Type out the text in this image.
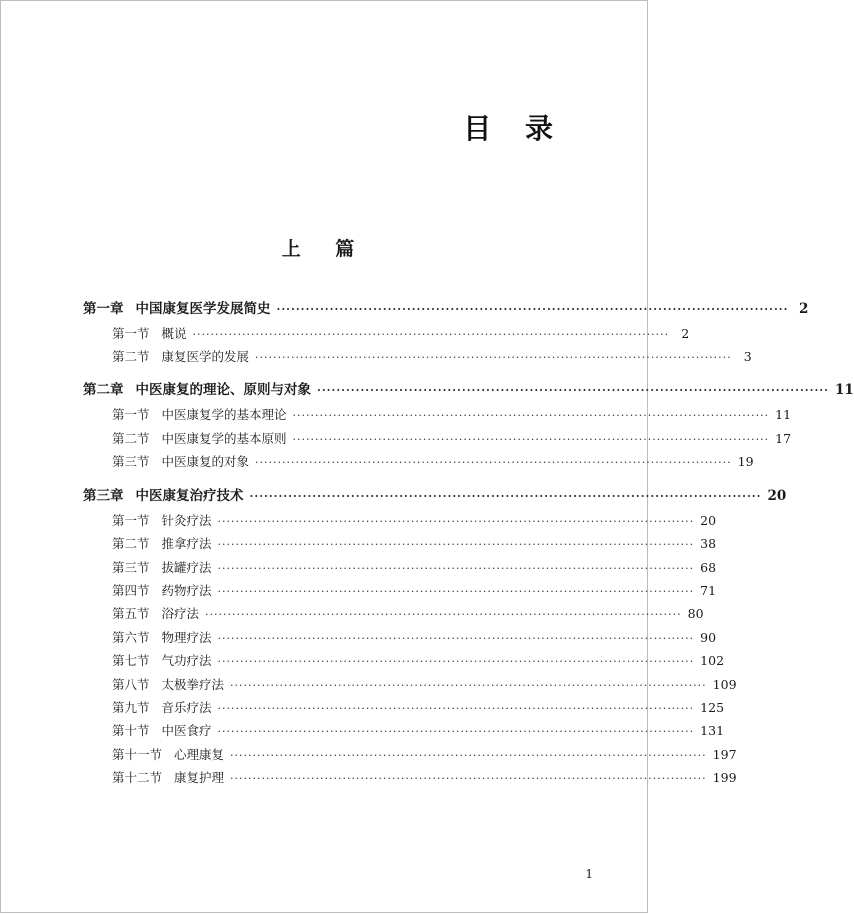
目 录
上 篇
第一章 中国康复医学发展简史 ·········································································································· 2
第一节 概说 ·········································································································· 2
第二节 康复医学的发展 ·········································································································· 3
第二章 中医康复的理论、原则与对象 ·········································································································· 11
第一节 中医康复学的基本理论 ·········································································································· 11
第二节 中医康复学的基本原则 ·········································································································· 17
第三节 中医康复的对象 ·········································································································· 19
第三章 中医康复治疗技术 ·········································································································· 20
第一节 针灸疗法 ·········································································································· 20
第二节 推拿疗法 ·········································································································· 38
第三节 拔罐疗法 ·········································································································· 68
第四节 药物疗法 ·········································································································· 71
第五节 浴疗法 ·········································································································· 80
第六节 物理疗法 ·········································································································· 90
第七节 气功疗法 ·········································································································· 102
第八节 太极拳疗法 ·········································································································· 109
第九节 音乐疗法 ·········································································································· 125
第十节 中医食疗 ·········································································································· 131
第十一节 心理康复 ·········································································································· 197
第十二节 康复护理 ·········································································································· 199
1
